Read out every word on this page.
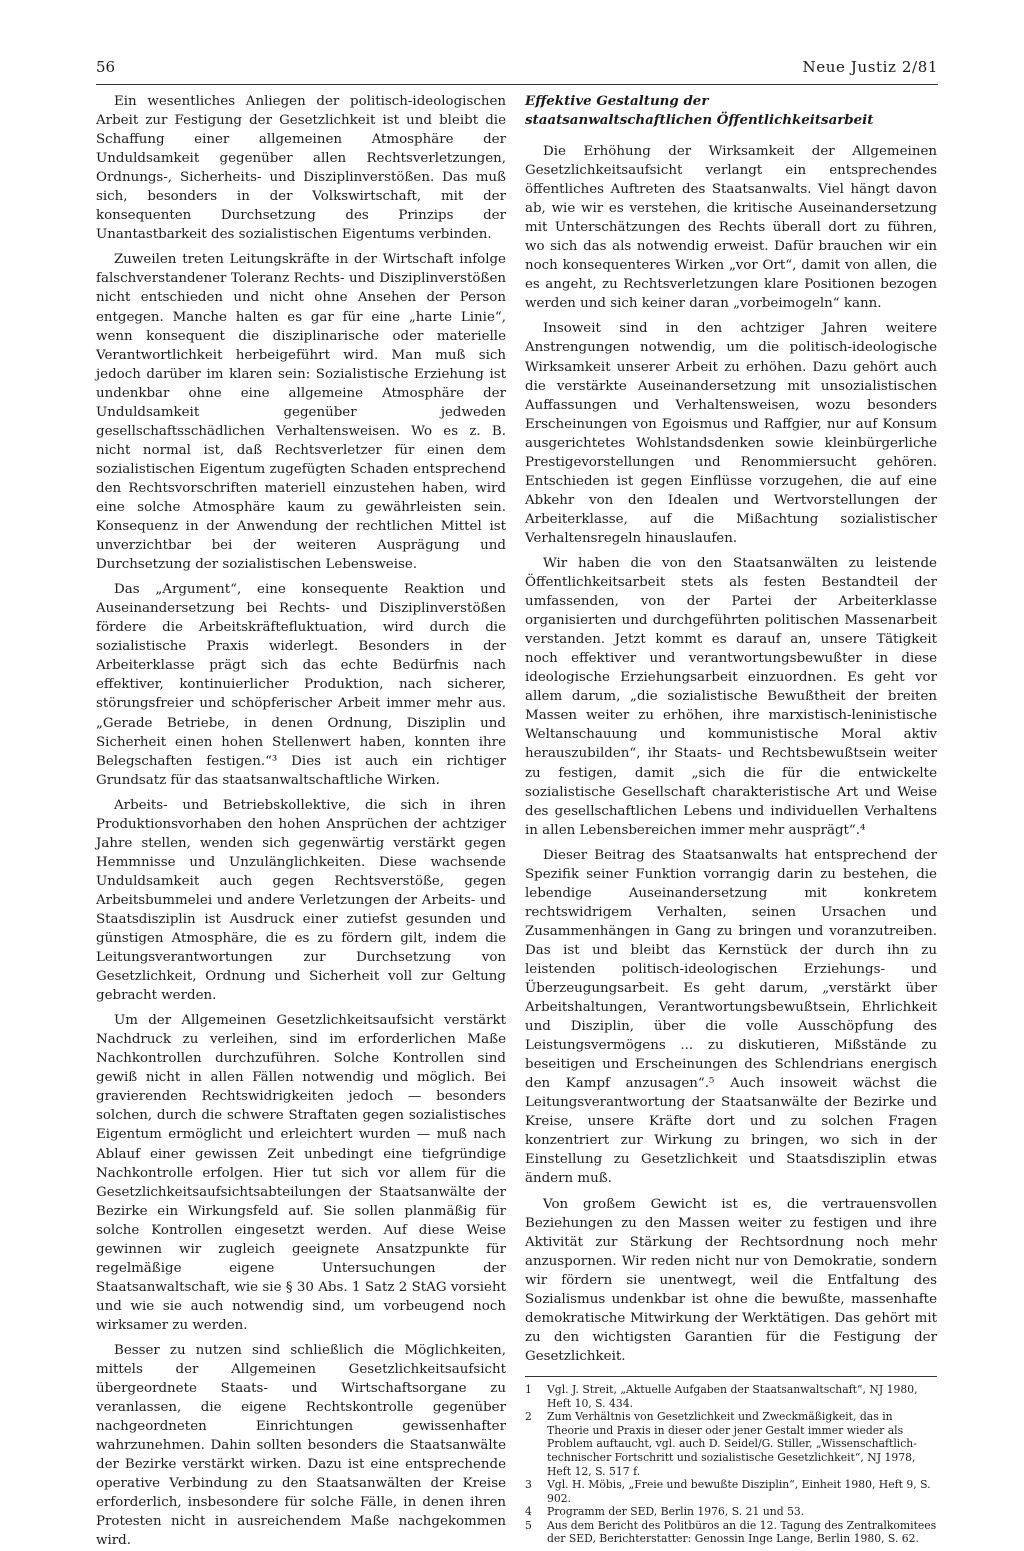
56	Neue Justiz 2/81

Ein wesentliches Anliegen der politisch-ideologischen Arbeit zur Festigung der Gesetzlichkeit ist und bleibt die Schaffung einer allgemeinen Atmosphäre der Unduldsamkeit gegenüber allen Rechtsverletzungen, Ordnungs-, Sicherheits- und Disziplinverstößen. Das muß sich, besonders in der Volkswirtschaft, mit der konsequenten Durchsetzung des Prinzips der Unantastbarkeit des sozialistischen Eigentums verbinden.

Zuweilen treten Leitungskräfte in der Wirtschaft infolge falschverstandener Toleranz Rechts- und Disziplinverstößen nicht entschieden und nicht ohne Ansehen der Person entgegen. Manche halten es gar für eine „harte Linie“, wenn konsequent die disziplinarische oder materielle Verantwortlichkeit herbeigeführt wird. Man muß sich jedoch darüber im klaren sein: Sozialistische Erziehung ist undenkbar ohne eine allgemeine Atmosphäre der Unduldsamkeit gegenüber jedweden gesellschaftsschädlichen Verhaltensweisen. Wo es z. B. nicht normal ist, daß Rechtsverletzer für einen dem sozialistischen Eigentum zugefügten Schaden entsprechend den Rechtsvorschriften materiell einzustehen haben, wird eine solche Atmosphäre kaum zu gewährleisten sein. Konsequenz in der Anwendung der rechtlichen Mittel ist unverzichtbar bei der weiteren Ausprägung und Durchsetzung der sozialistischen Lebensweise.

Das „Argument“, eine konsequente Reaktion und Auseinandersetzung bei Rechts- und Disziplinverstößen fördere die Arbeitskräftefluktuation, wird durch die sozialistische Praxis widerlegt. Besonders in der Arbeiterklasse prägt sich das echte Bedürfnis nach effektiver, kontinuierlicher Produktion, nach sicherer, störungsfreier und schöpferischer Arbeit immer mehr aus. „Gerade Betriebe, in denen Ordnung, Disziplin und Sicherheit einen hohen Stellenwert haben, konnten ihre Belegschaften festigen.“³ Dies ist auch ein richtiger Grundsatz für das staatsanwaltschaftliche Wirken.

Arbeits- und Betriebskollektive, die sich in ihren Produktionsvorhaben den hohen Ansprüchen der achtziger Jahre stellen, wenden sich gegenwärtig verstärkt gegen Hemmnisse und Unzulänglichkeiten. Diese wachsende Unduldsamkeit auch gegen Rechtsverstöße, gegen Arbeitsbummelei und andere Verletzungen der Arbeits- und Staatsdisziplin ist Ausdruck einer zutiefst gesunden und günstigen Atmosphäre, die es zu fördern gilt, indem die Leitungsverantwortungen zur Durchsetzung von Gesetzlichkeit, Ordnung und Sicherheit voll zur Geltung gebracht werden.

Um der Allgemeinen Gesetzlichkeitsaufsicht verstärkt Nachdruck zu verleihen, sind im erforderlichen Maße Nachkontrollen durchzuführen. Solche Kontrollen sind gewiß nicht in allen Fällen notwendig und möglich. Bei gravierenden Rechtswidrigkeiten jedoch — besonders solchen, durch die schwere Straftaten gegen sozialistisches Eigentum ermöglicht und erleichtert wurden — muß nach Ablauf einer gewissen Zeit unbedingt eine tiefgründige Nachkontrolle erfolgen. Hier tut sich vor allem für die Gesetzlichkeitsaufsichtsabteilungen der Staatsanwälte der Bezirke ein Wirkungsfeld auf. Sie sollen planmäßig für solche Kontrollen eingesetzt werden. Auf diese Weise gewinnen wir zugleich geeignete Ansatzpunkte für regelmäßige eigene Untersuchungen der Staatsanwaltschaft, wie sie § 30 Abs. 1 Satz 2 StAG vorsieht und wie sie auch notwendig sind, um vorbeugend noch wirksamer zu werden.

Besser zu nutzen sind schließlich die Möglichkeiten, mittels der Allgemeinen Gesetzlichkeitsaufsicht übergeordnete Staats- und Wirtschaftsorgane zu veranlassen, die eigene Rechtskontrolle gegenüber nachgeordneten Einrichtungen gewissenhafter wahrzunehmen. Dahin sollten besonders die Staatsanwälte der Bezirke verstärkt wirken. Dazu ist eine entsprechende operative Verbindung zu den Staatsanwälten der Kreise erforderlich, insbesondere für solche Fälle, in denen ihren Protesten nicht in ausreichendem Maße nachgekommen wird.

Effektive Gestaltung der
staatsanwaltschaftlichen Öffentlichkeitsarbeit

Die Erhöhung der Wirksamkeit der Allgemeinen Gesetzlichkeitsaufsicht verlangt ein entsprechendes öffentliches Auftreten des Staatsanwalts. Viel hängt davon ab, wie wir es verstehen, die kritische Auseinandersetzung mit Unterschätzungen des Rechts überall dort zu führen, wo sich das als notwendig erweist. Dafür brauchen wir ein noch konsequenteres Wirken „vor Ort“, damit von allen, die es angeht, zu Rechtsverletzungen klare Positionen bezogen werden und sich keiner daran „vorbeimogeln“ kann.

Insoweit sind in den achtziger Jahren weitere Anstrengungen notwendig, um die politisch-ideologische Wirksamkeit unserer Arbeit zu erhöhen. Dazu gehört auch die verstärkte Auseinandersetzung mit unsozialistischen Auffassungen und Verhaltensweisen, wozu besonders Erscheinungen von Egoismus und Raffgier, nur auf Konsum ausgerichtetes Wohlstandsdenken sowie kleinbürgerliche Prestigevorstellungen und Renommiersucht gehören. Entschieden ist gegen Einflüsse vorzugehen, die auf eine Abkehr von den Idealen und Wertvorstellungen der Arbeiterklasse, auf die Mißachtung sozialistischer Verhaltensregeln hinauslaufen.

Wir haben die von den Staatsanwälten zu leistende Öffentlichkeitsarbeit stets als festen Bestandteil der umfassenden, von der Partei der Arbeiterklasse organisierten und durchgeführten politischen Massenarbeit verstanden. Jetzt kommt es darauf an, unsere Tätigkeit noch effektiver und verantwortungsbewußter in diese ideologische Erziehungsarbeit einzuordnen. Es geht vor allem darum, „die sozialistische Bewußtheit der breiten Massen weiter zu erhöhen, ihre marxistisch-leninistische Weltanschauung und kommunistische Moral aktiv herauszubilden“, ihr Staats- und Rechtsbewußtsein weiter zu festigen, damit „sich die für die entwickelte sozialistische Gesellschaft charakteristische Art und Weise des gesellschaftlichen Lebens und individuellen Verhaltens in allen Lebensbereichen immer mehr ausprägt“.⁴

Dieser Beitrag des Staatsanwalts hat entsprechend der Spezifik seiner Funktion vorrangig darin zu bestehen, die lebendige Auseinandersetzung mit konkretem rechtswidrigem Verhalten, seinen Ursachen und Zusammenhängen in Gang zu bringen und voranzutreiben. Das ist und bleibt das Kernstück der durch ihn zu leistenden politisch-ideologischen Erziehungs- und Überzeugungsarbeit. Es geht darum, „verstärkt über Arbeitshaltungen, Verantwortungsbewußtsein, Ehrlichkeit und Disziplin, über die volle Ausschöpfung des Leistungsvermögens ... zu diskutieren, Mißstände zu beseitigen und Erscheinungen des Schlendrians energisch den Kampf anzusagen“.⁵ Auch insoweit wächst die Leitungsverantwortung der Staatsanwälte der Bezirke und Kreise, unsere Kräfte dort und zu solchen Fragen konzentriert zur Wirkung zu bringen, wo sich in der Einstellung zu Gesetzlichkeit und Staatsdisziplin etwas ändern muß.

Von großem Gewicht ist es, die vertrauensvollen Beziehungen zu den Massen weiter zu festigen und ihre Aktivität zur Stärkung der Rechtsordnung noch mehr anzuspornen. Wir reden nicht nur von Demokratie, sondern wir fördern sie unentwegt, weil die Entfaltung des Sozialismus undenkbar ist ohne die bewußte, massenhafte demokratische Mitwirkung der Werktätigen. Das gehört mit zu den wichtigsten Garantien für die Festigung der Gesetzlichkeit.

1	Vgl. J. Streit, „Aktuelle Aufgaben der Staatsanwaltschaft“, NJ 1980, Heft 10, S. 434.
2	Zum Verhältnis von Gesetzlichkeit und Zweckmäßigkeit, das in Theorie und Praxis in dieser oder jener Gestalt immer wieder als Problem auftaucht, vgl. auch D. Seidel/G. Stiller, „Wissenschaftlich-technischer Fortschritt und sozialistische Gesetzlichkeit“, NJ 1978, Heft 12, S. 517 f.
3	Vgl. H. Möbis, „Freie und bewußte Disziplin“, Einheit 1980, Heft 9, S. 902.
4	Programm der SED, Berlin 1976, S. 21 und 53.
5	Aus dem Bericht des Politbüros an die 12. Tagung des Zentralkomitees der SED, Berichterstatter: Genossin Inge Lange, Berlin 1980, S. 62.
